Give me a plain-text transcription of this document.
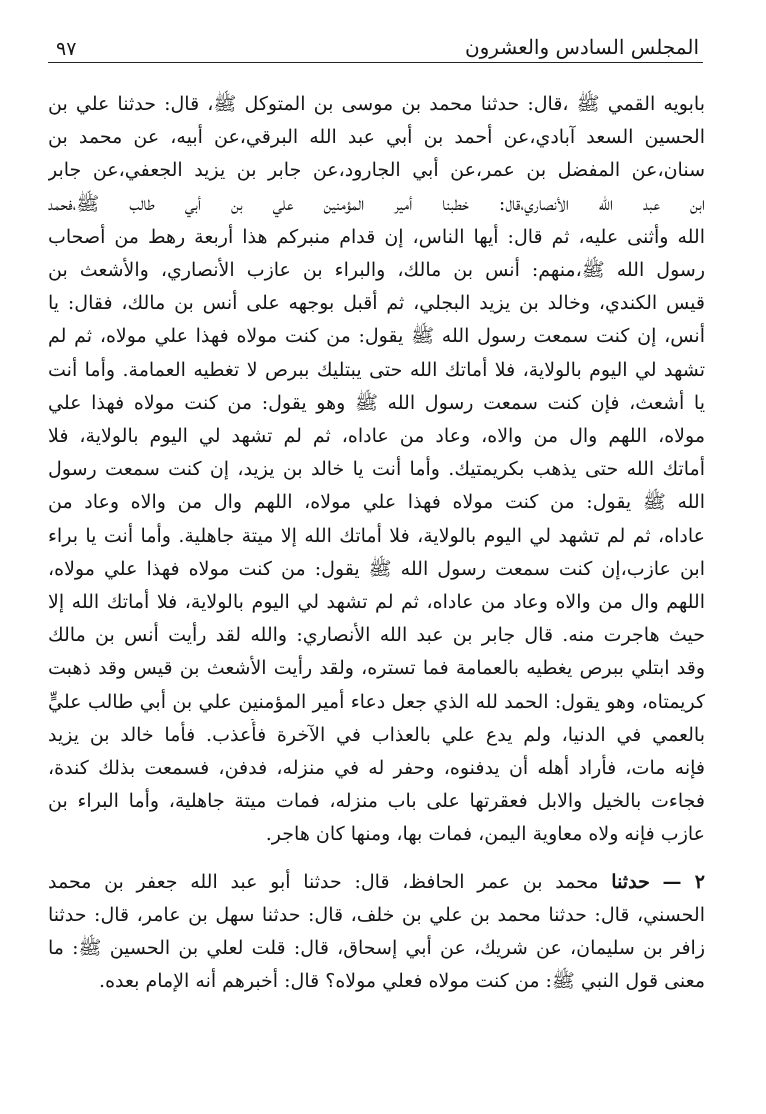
٩٧	المجلس السادس والعشرون
بابويه القمي ﷺ ،قال: حدثنا محمد بن موسى بن المتوكل ﷺ، قال: حدثنا علي بن
الحسين السعد آبادي،عن أحمد بن أبي عبد الله البرقي،عن أبيه، عن محمد بن
سنان،عن المفضل بن عمر،عن أبي الجارود،عن جابر بن يزيد الجعفي،عن جابر
ابن عبد الله الأنصاري،قال: خطبنا أمير المؤمنين علي بن أبي طالب ﷺ،فحمد
الله وأثنى عليه، ثم قال: أيها الناس، إن قدام منبركم هذا أربعة رهط من أصحاب
رسول الله ﷺ،منهم: أنس بن مالك، والبراء بن عازب الأنصاري، والأشعث بن
قيس الكندي، وخالد بن يزيد البجلي، ثم أقبل بوجهه على أنس بن مالك، فقال: يا
أنس، إن كنت سمعت رسول الله ﷺ يقول: من كنت مولاه فهذا علي مولاه، ثم لم
تشهد لي اليوم بالولاية، فلا أماتك الله حتى يبتليك ببرص لا تغطيه العمامة. وأما أنت
يا أشعث، فإن كنت سمعت رسول الله ﷺ وهو يقول: من كنت مولاه فهذا علي
مولاه، اللهم وال من والاه، وعاد من عاداه، ثم لم تشهد لي اليوم بالولاية، فلا
أماتك الله حتى يذهب بكريمتيك. وأما أنت يا خالد بن يزيد، إن كنت سمعت رسول
الله ﷺ يقول: من كنت مولاه فهذا علي مولاه، اللهم وال من والاه وعاد من
عاداه، ثم لم تشهد لي اليوم بالولاية، فلا أماتك الله إلا ميتة جاهلية. وأما أنت يا براء
ابن عازب،إن كنت سمعت رسول الله ﷺ يقول: من كنت مولاه فهذا علي مولاه،
اللهم وال من والاه وعاد من عاداه، ثم لم تشهد لي اليوم بالولاية، فلا أماتك الله إلا
حيث هاجرت منه. قال جابر بن عبد الله الأنصاري: والله لقد رأيت أنس بن مالك
وقد ابتلي ببرص يغطيه بالعمامة فما تستره، ولقد رأيت الأشعث بن قيس وقد ذهبت
كريمتاه، وهو يقول: الحمد لله الذي جعل دعاء أمير المؤمنين علي بن أبي طالب عليٍّ
بالعمي في الدنيا، ولم يدع علي بالعذاب في الآخرة فأُعذب. فأما خالد بن يزيد
فإنه مات، فأراد أهله أن يدفنوه، وحفر له في منزله، فدفن، فسمعت بذلك كندة،
فجاءت بالخيل والابل فعقرتها على باب منزله، فمات ميتة جاهلية، وأما البراء بن
عازب فإنه ولاه معاوية اليمن، فمات بها، ومنها كان هاجر.
٢ — حدثنا محمد بن عمر الحافظ، قال: حدثنا أبو عبد الله جعفر بن محمد
الحسني، قال: حدثنا محمد بن علي بن خلف، قال: حدثنا سهل بن عامر، قال: حدثنا
زافر بن سليمان، عن شريك، عن أبي إسحاق، قال: قلت لعلي بن الحسين ﷺ: ما
معنى قول النبي ﷺ: من كنت مولاه فعلي مولاه؟ قال: أخبرهم أنه الإمام بعده.
